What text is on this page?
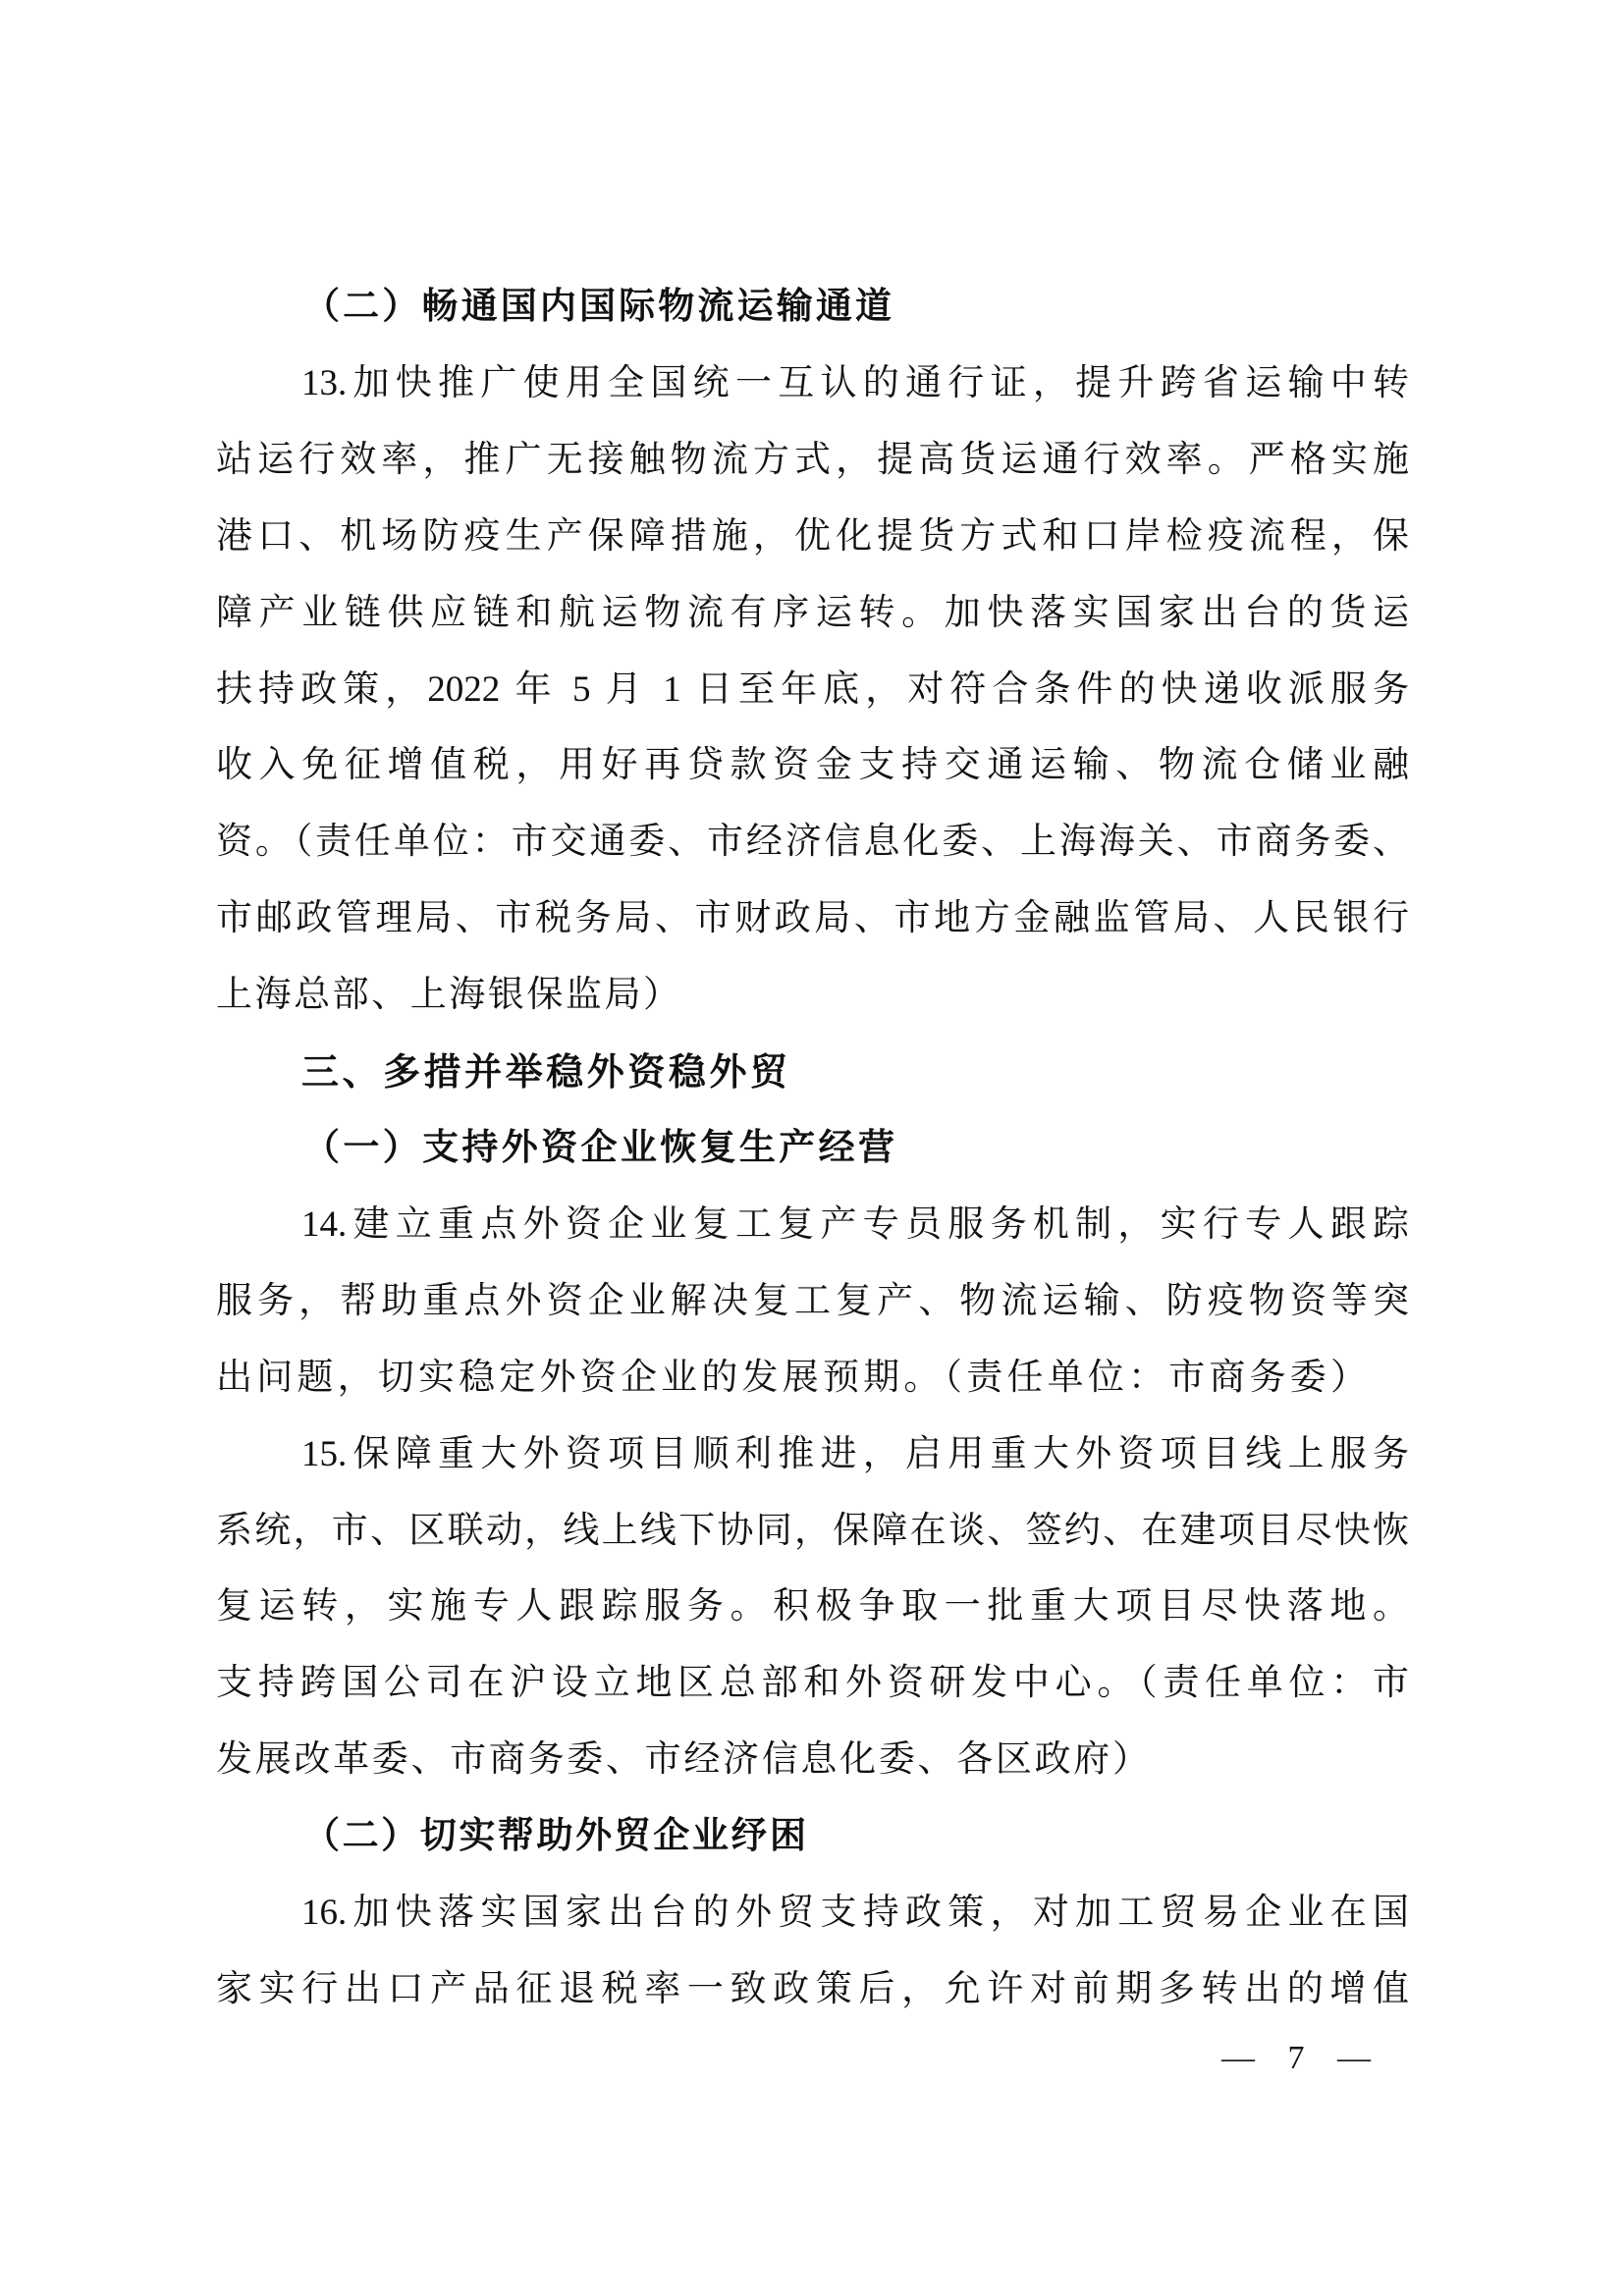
（二）畅通国内国际物流运输通道
13.加快推广使用全国统一互认的通行证，提升跨省运输中转
站运行效率，推广无接触物流方式，提高货运通行效率。严格实施
港口、机场防疫生产保障措施，优化提货方式和口岸检疫流程，保
障产业链供应链和航运物流有序运转。加快落实国家出台的货运
扶持政策，2022 年 5 月 1 日至年底，对符合条件的快递收派服务
收入免征增值税，用好再贷款资金支持交通运输、物流仓储业融
资。（责任单位：市交通委、市经济信息化委、上海海关、市商务委、
市邮政管理局、市税务局、市财政局、市地方金融监管局、人民银行
上海总部、上海银保监局）
三、多措并举稳外资稳外贸
（一）支持外资企业恢复生产经营
14.建立重点外资企业复工复产专员服务机制，实行专人跟踪
服务，帮助重点外资企业解决复工复产、物流运输、防疫物资等突
出问题，切实稳定外资企业的发展预期。（责任单位：市商务委）
15.保障重大外资项目顺利推进，启用重大外资项目线上服务
系统，市、区联动，线上线下协同，保障在谈、签约、在建项目尽快恢
复运转，实施专人跟踪服务。积极争取一批重大项目尽快落地。
支持跨国公司在沪设立地区总部和外资研发中心。（责任单位：市
发展改革委、市商务委、市经济信息化委、各区政府）
（二）切实帮助外贸企业纾困
16.加快落实国家出台的外贸支持政策，对加工贸易企业在国
家实行出口产品征退税率一致政策后，允许对前期多转出的增值
— 7 —
